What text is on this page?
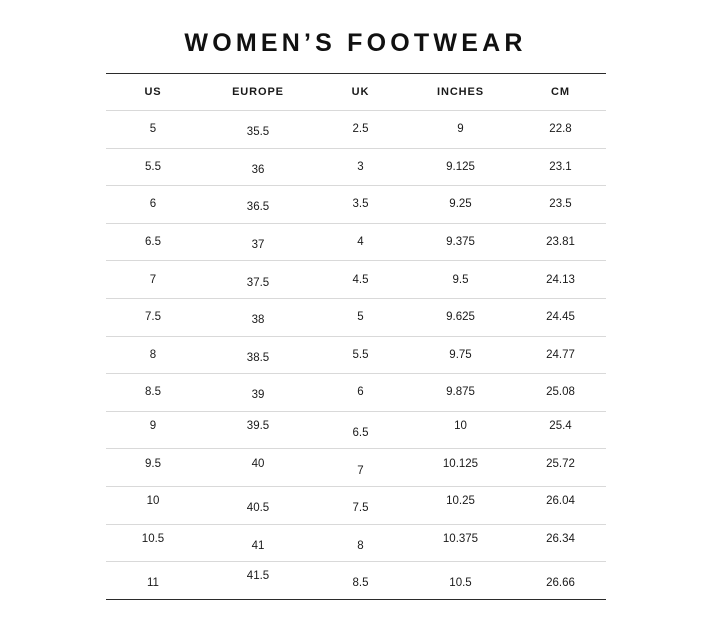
WOMEN’S FOOTWEAR
US	EUROPE	UK	INCHES	CM
5	35.5	2.5	9	22.8
5.5	36	3	9.125	23.1
6	36.5	3.5	9.25	23.5
6.5	37	4	9.375	23.81
7	37.5	4.5	9.5	24.13
7.5	38	5	9.625	24.45
8	38.5	5.5	9.75	24.77
8.5	39	6	9.875	25.08
9	39.5	6.5	10	25.4
9.5	40	7	10.125	25.72
10	40.5	7.5	10.25	26.04
10.5	41	8	10.375	26.34
11	41.5	8.5	10.5	26.66
